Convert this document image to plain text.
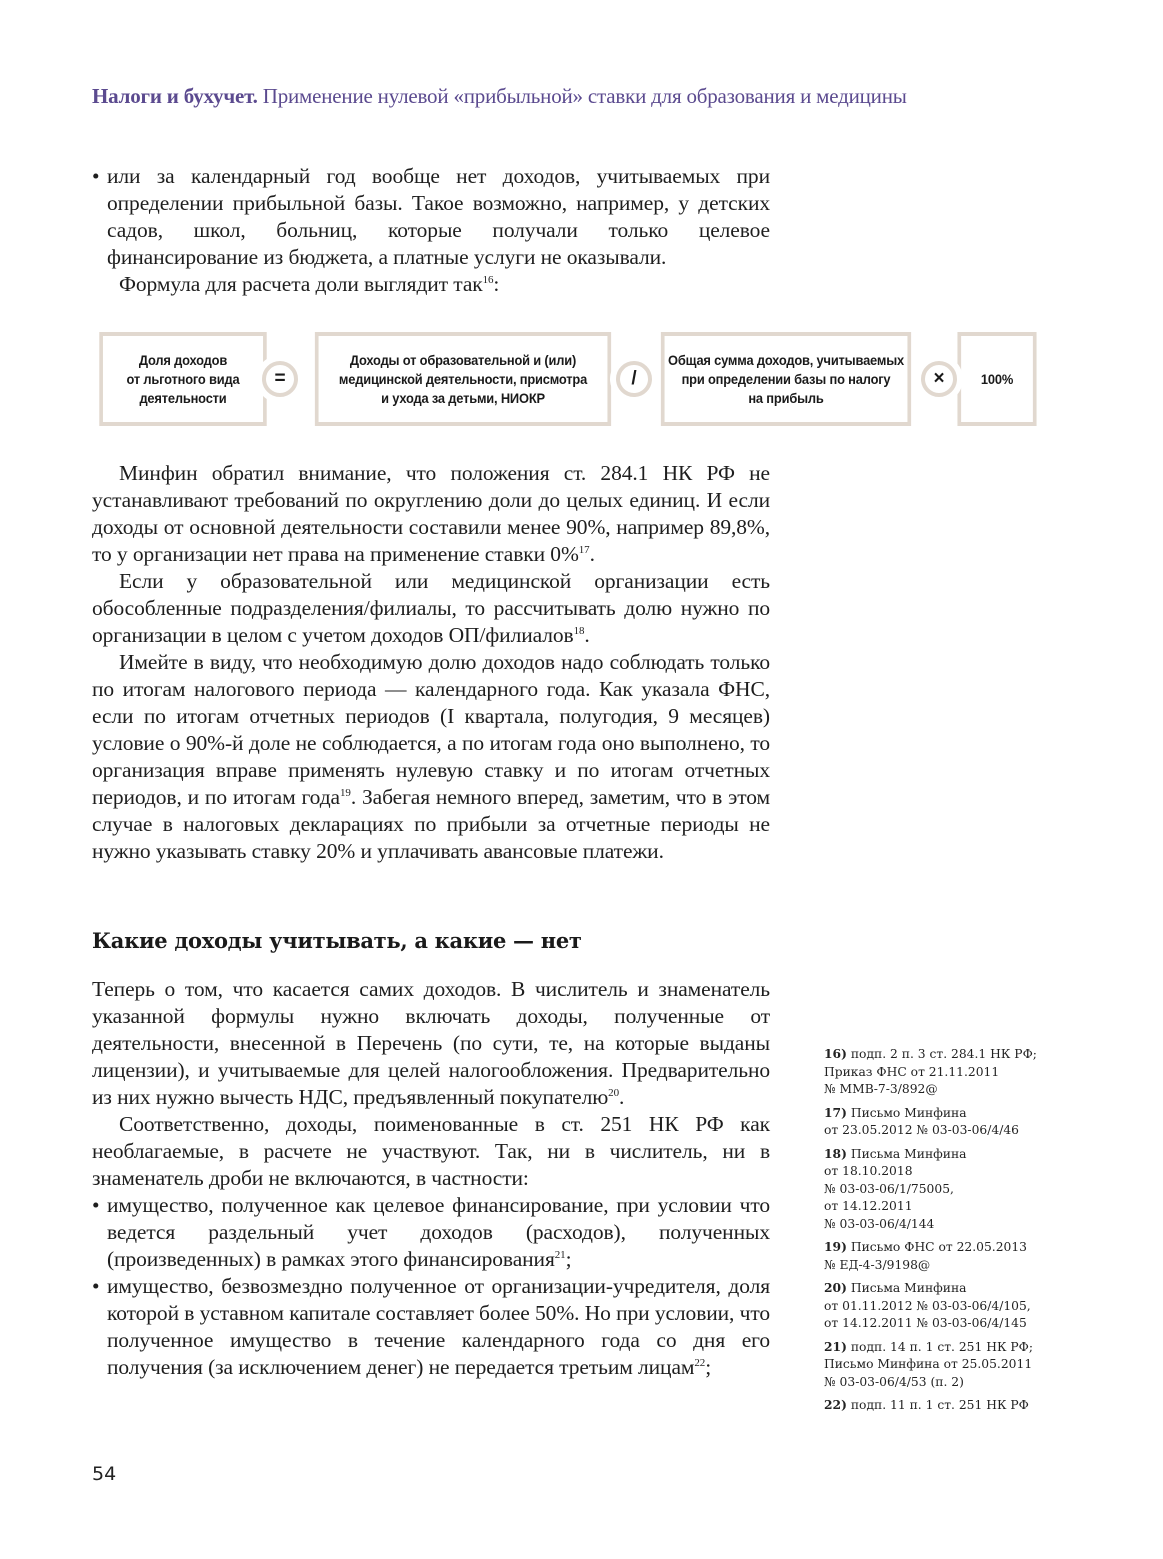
Налоги и бухучет. Применение нулевой «прибыльной» ставки для образования и медицины

• или за календарный год вообще нет доходов, учитываемых при определении прибыльной базы. Такое возможно, например, у детских садов, школ, больниц, которые получали только целевое финансирование из бюджета, а платные услуги не оказывали.

Формула для расчета доли выглядит так$^{16}$:

Доля доходов
от льготного вида
деятельности
=
Доходы от образовательной и (или)
медицинской деятельности, присмотра
и ухода за детьми, НИОКР
/
Общая сумма доходов, учитываемых
при определении базы по налогу
на прибыль
×	100%

Минфин обратил внимание, что положения ст. 284.1 НК РФ не устанавливают требований по округлению доли до целых единиц. И если доходы от основной деятельности составили менее 90%, например 89,8%, то у организации нет права на применение ставки 0%$^{17}$.

Если у образовательной или медицинской организации есть обособленные подразделения/филиалы, то рассчитывать долю нужно по организации в целом с учетом доходов ОП/филиалов$^{18}$.

Имейте в виду, что необходимую долю доходов надо соблюдать только по итогам налогового периода — календарного года. Как указала ФНС, если по итогам отчетных периодов (I квартала, полугодия, 9 месяцев) условие о 90%-й доле не соблюдается, а по итогам года оно выполнено, то организация вправе применять нулевую ставку и по итогам отчетных периодов, и по итогам года$^{19}$. Забегая немного вперед, заметим, что в этом случае в налоговых декларациях по прибыли за отчетные периоды не нужно указывать ставку 20% и уплачивать авансовые платежи.

Какие доходы учитывать, а какие — нет

Теперь о том, что касается самих доходов. В числитель и знаменатель указанной формулы нужно включать доходы, полученные от деятельности, внесенной в Перечень (по сути, те, на которые выданы лицензии), и учитываемые для целей налогообложения. Предварительно из них нужно вычесть НДС, предъявленный покупателю$^{20}$.

Соответственно, доходы, поименованные в ст. 251 НК РФ как необлагаемые, в расчете не участвуют. Так, ни в числитель, ни в знаменатель дроби не включаются, в частности:

• имущество, полученное как целевое финансирование, при условии что ведется раздельный учет доходов (расходов), полученных (произведенных) в рамках этого финансирования$^{21}$;

• имущество, безвозмездно полученное от организации-учредителя, доля которой в уставном капитале составляет более 50%. Но при условии, что полученное имущество в течение календарного года со дня его получения (за исключением денег) не передается третьим лицам$^{22}$;

16) подп. 2 п. 3 ст. 284.1 НК РФ;
Приказ ФНС от 21.11.2011
№ ММВ-7-3/892@
17) Письмо Минфина
от 23.05.2012 № 03-03-06/4/46
18) Письма Минфина
от 18.10.2018
№ 03-03-06/1/75005,
от 14.12.2011
№ 03-03-06/4/144
19) Письмо ФНС от 22.05.2013
№ ЕД-4-3/9198@
20) Письма Минфина
от 01.11.2012 № 03-03-06/4/105,
от 14.12.2011 № 03-03-06/4/145
21) подп. 14 п. 1 ст. 251 НК РФ;
Письмо Минфина от 25.05.2011
№ 03-03-06/4/53 (п. 2)
22) подп. 11 п. 1 ст. 251 НК РФ
54
